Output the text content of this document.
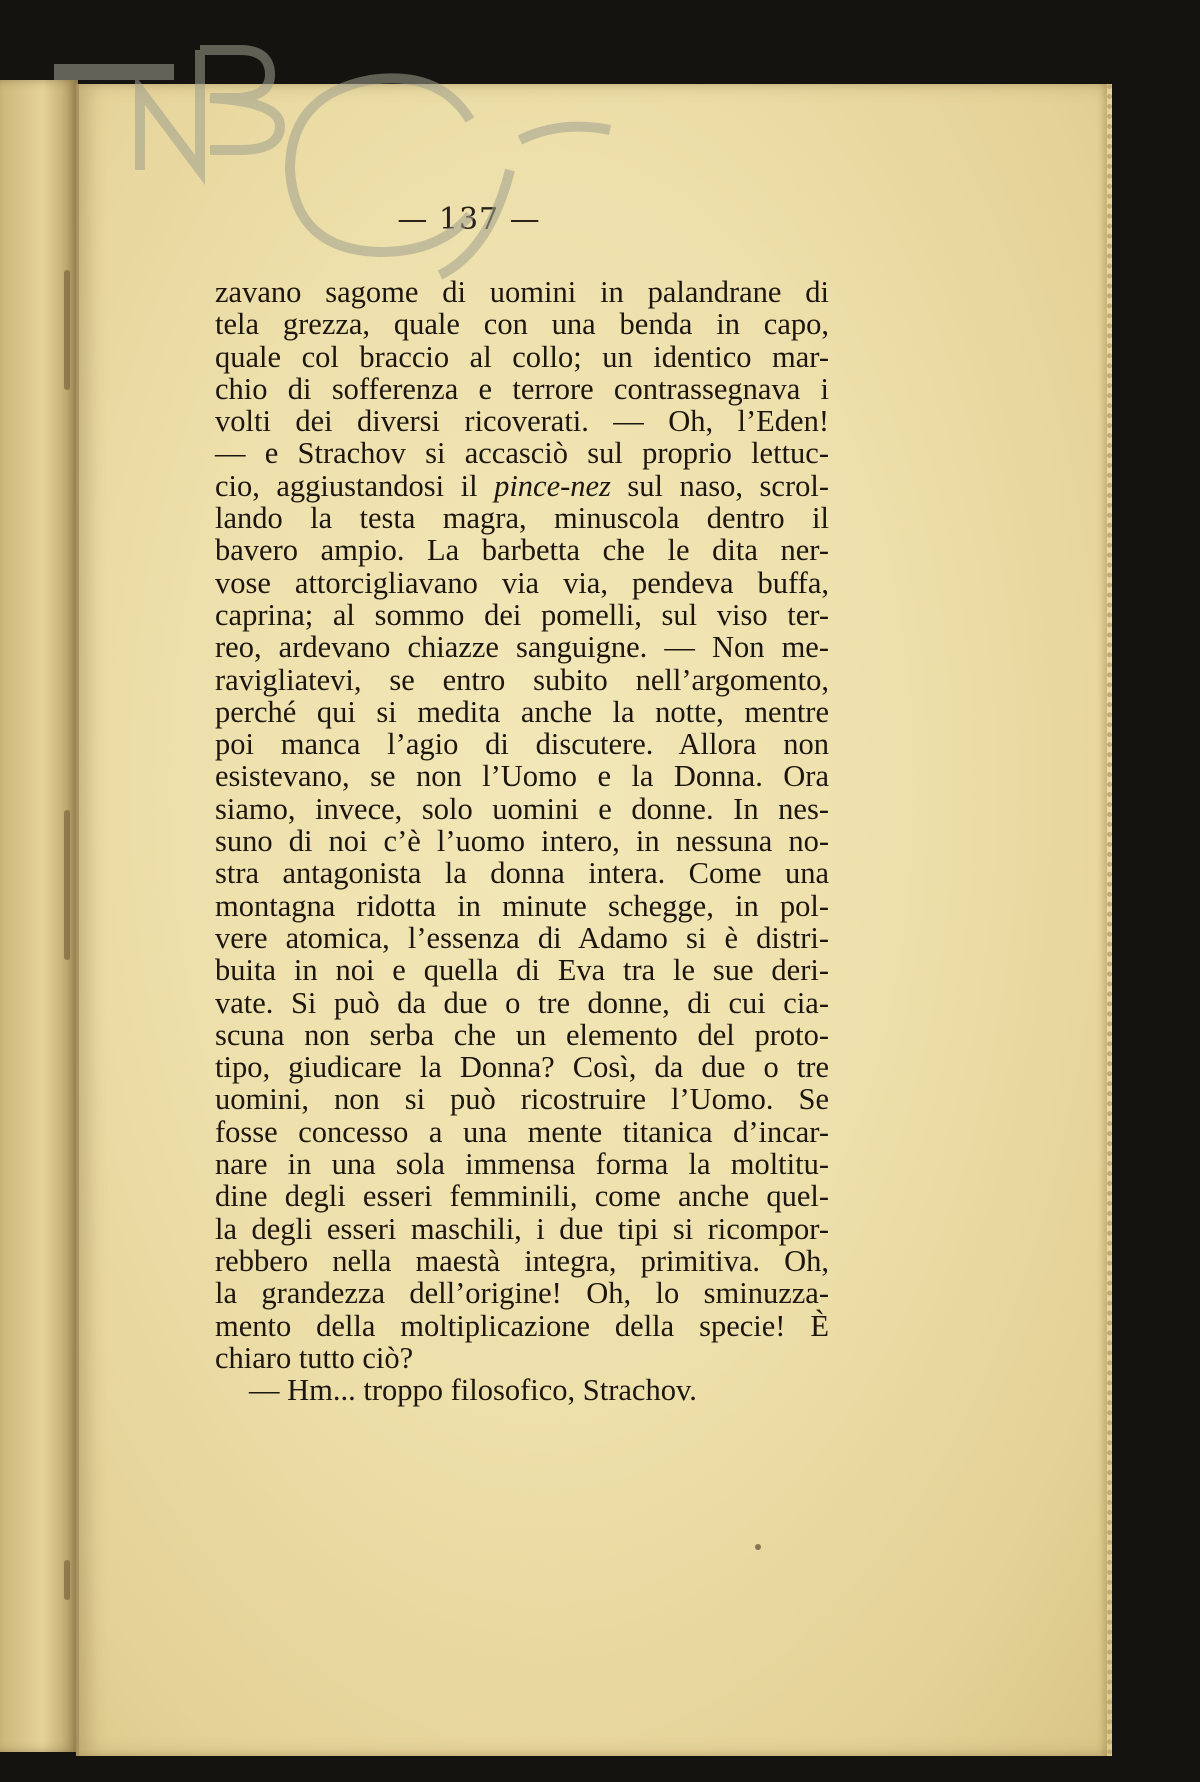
— 137 —
zavano sagome di uomini in palandrane di
tela grezza, quale con una benda in capo,
quale col braccio al collo; un identico mar-
chio di sofferenza e terrore contrassegnava i
volti dei diversi ricoverati. — Oh, l’Eden!
— e Strachov si accasciò sul proprio lettuc-
cio, aggiustandosi il pince-nez sul naso, scrol-
lando la testa magra, minuscola dentro il
bavero ampio. La barbetta che le dita ner-
vose attorcigliavano via via, pendeva buffa,
caprina; al sommo dei pomelli, sul viso ter-
reo, ardevano chiazze sanguigne. — Non me-
ravigliatevi, se entro subito nell’argomento,
perché qui si medita anche la notte, mentre
poi manca l’agio di discutere. Allora non
esistevano, se non l’Uomo e la Donna. Ora
siamo, invece, solo uomini e donne. In nes-
suno di noi c’è l’uomo intero, in nessuna no-
stra antagonista la donna intera. Come una
montagna ridotta in minute schegge, in pol-
vere atomica, l’essenza di Adamo si è distri-
buita in noi e quella di Eva tra le sue deri-
vate. Si può da due o tre donne, di cui cia-
scuna non serba che un elemento del proto-
tipo, giudicare la Donna? Così, da due o tre
uomini, non si può ricostruire l’Uomo. Se
fosse concesso a una mente titanica d’incar-
nare in una sola immensa forma la moltitu-
dine degli esseri femminili, come anche quel-
la degli esseri maschili, i due tipi si ricompor-
rebbero nella maestà integra, primitiva. Oh,
la grandezza dell’origine! Oh, lo sminuzza-
mento della moltiplicazione della specie! È
chiaro tutto ciò?
— Hm... troppo filosofico, Strachov.
